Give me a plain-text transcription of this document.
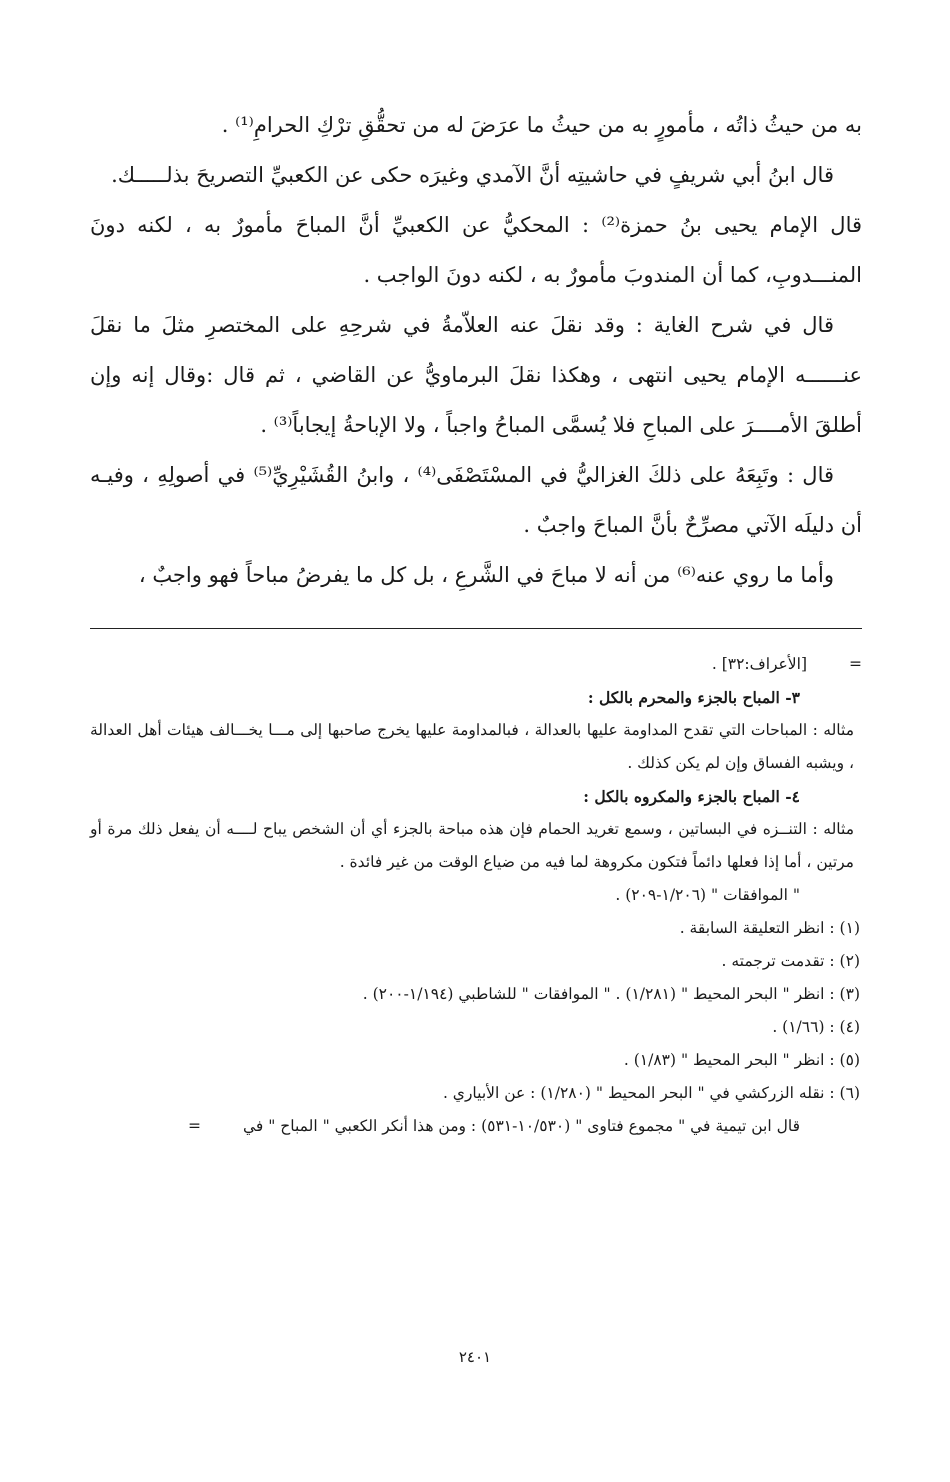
به من حيثُ ذاتُه ، مأمورٍ به من حيثُ ما عرَضَ له من تحقُّقِ ترْكِ الحرامِ⁽¹⁾ .

قال ابنُ أبي شريفٍ في حاشيتِه أنَّ الآمدي وغيرَه حكى عن الكعبيِّ التصريحَ بذلـــــك.

قال الإمام يحيى بنُ حمزة⁽²⁾ : المحكيُّ عن الكعبيِّ أنَّ المباحَ مأمورٌ به ، لكنه دونَ المنـــدوبِ، كما أن المندوبَ مأمورٌ به ، لكنه دونَ الواجب .

قال في شرح الغاية : وقد نقلَ عنه العلاّمةُ في شرحِهِ على المختصرِ مثلَ ما نقلَ عنــــــه الإمام يحيى انتهى ، وهكذا نقلَ البرماويُّ عن القاضي ، ثم قال :وقال إنه وإن أطلقَ الأمــــرَ على المباحِ فلا يُسمَّى المباحُ واجباً ، ولا الإباحةُ إيجاباً⁽³⁾ .

قال : وتَبِعَهُ على ذلكَ الغزاليُّ في المسْتَصْفَى⁽⁴⁾ ، وابنُ القُشَيْرِيِّ⁽⁵⁾ في أصولِهِ ، وفيـه أن دليلَه الآتي مصرِّحٌ بأنَّ المباحَ واجبٌ .

وأما ما روي عنه⁽⁶⁾ من أنه لا مباحَ في الشَّرعِ ، بل كل ما يفرضُ مباحاً فهو واجبٌ ،

=[الأعراف:٣٢] .

٣- المباح بالجزء والمحرم بالكل :

مثاله : المباحات التي تقدح المداومة عليها بالعدالة ، فبالمداومة عليها يخرج صاحبها إلى مـــا يخـــالف هيئات أهل العدالة ، ويشبه الفساق وإن لم يكن كذلك .

٤- المباح بالجزء والمكروه بالكل :

مثاله : التنــزه في البساتين ، وسمع تغريد الحمام فإن هذه مباحة بالجزء أي أن الشخص يباح لــــه أن يفعل ذلك مرة أو مرتين ، أما إذا فعلها دائماً فتكون مكروهة لما فيه من ضياع الوقت من غير فائدة .

" الموافقات " (١/٢٠٦-٢٠٩) .

(١) : انظر التعليقة السابقة .

(٢) : تقدمت ترجمته .

(٣) : انظر " البحر المحيط " (١/٢٨١) . " الموافقات " للشاطبي (١/١٩٤-٢٠٠) .

(٤) : (١/٦٦) .

(٥) : انظر " البحر المحيط " (١/٨٣) .

(٦) : نقله الزركشي في " البحر المحيط " (١/٢٨٠) : عن الأبياري .

قال ابن تيمية في " مجموع فتاوى " (١٠/٥٣٠-٥٣١) : ومن هذا أنكر الكعبي " المباح " في=

٢٤٠١
